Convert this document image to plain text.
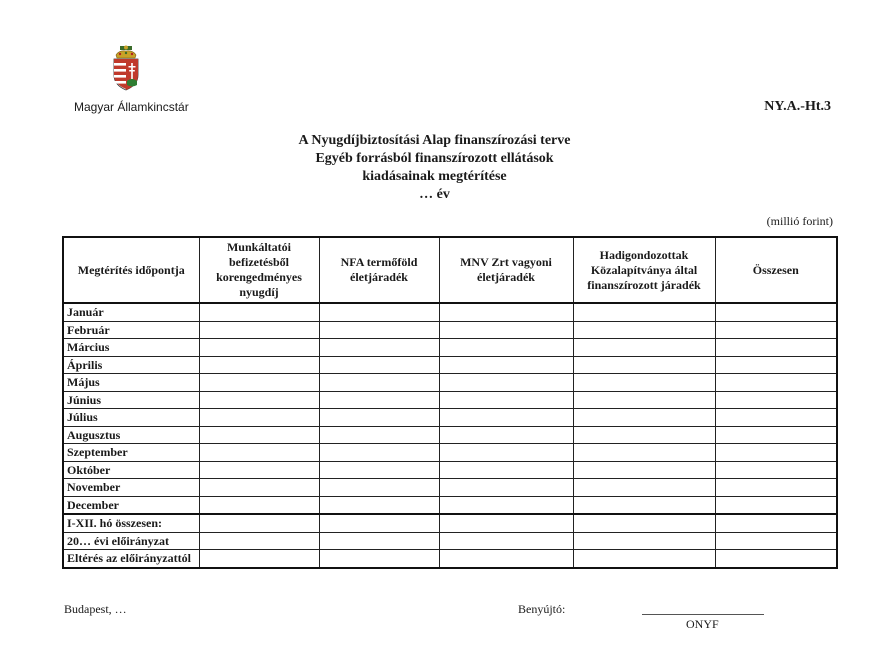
Magyar Államkincstár	NY.A.-Ht.3
A Nyugdíjbiztosítási Alap finanszírozási terve
Egyéb forrásból finanszírozott ellátások
kiadásainak megtérítése
… év
(millió forint)
Megtérítés időpontja	Munkáltatói befizetésből korengedményes nyugdíj	NFA termőföld életjáradék	MNV Zrt vagyoni életjáradék	Hadigondozottak Közalapítványa által finanszírozott járadék	Összesen
Január					
Február					
Március					
Április					
Május					
Június					
Július					
Augusztus					
Szeptember					
Október					
November					
December					
I-XII. hó összesen:					
20… évi előirányzat					
Eltérés az előirányzattól					
Budapest, …	Benyújtó:
ONYF
